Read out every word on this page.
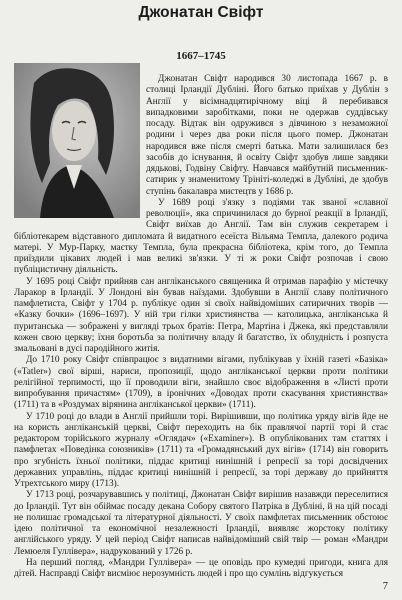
Джонатан Свіфт
1667–1745

Джонатан Свіфт народився 30 листопада 1667 р. в столиці Ірландії Дубліні. Його батько приїхав у Дублін з Англії у вісімнадцятирічному віці й перебивався випадковими заробітками, поки не одержав суддівську посаду. Відтак він одружився з дівчиною з незаможної родини і через два роки після цього помер. Джонатан народився вже після смерті батька. Мати залишилася без засобів до існування, й освіту Свіфт здобув лише завдяки дядькові, Годвіну Свіфту. Навчався майбутній письменник-сатирик у знаменитому Трініті-коледжі в Дубліні, де здобув ступінь бакалавра мистецтв у 1686 р.

У 1689 році з'язку з подіями так званої «славної революції», яка спричинилася до бурної реакції в Ірландії, Свіфт виїхав до Англії. Там він служив секретарем і бібліотекарем відставного дипломата й видатного есеїста Вільяма Темпла, далекого родича матері. У Мур-Парку, маєтку Темпла, була прекрасна бібліотека, крім того, до Темпла приїздили цікавих людей і мав великі зв'язки. У ті ж роки Свіфт розпочав і свою публіцистичну діяльність.

У 1695 році Свіфт прийняв сан англіканського священика й отримав парафію у містечку Ларакор в Ірландії. У Лондоні він бував наїздами. Здобувши в Англії славу політичного памфлетиста, Свіфт у 1704 р. публікує один зі своїх найвідоміших сатиричних творів — «Казку бочки» (1696–1697). У ній три гілки християнства — католицька, англіканська й пуританська — зображені у вигляді трьох братів: Петра, Мартіна і Джека, які представляли кожен свою церкву; їхня боротьба за політичну владу й багатство, їх облудність і розпуста змальовані в дусі пародійного житія.

До 1710 року Свіфт співпрацює з видатними вігами, публікував у їхній газеті «Базіка» («Tatler») свої вірші, нариси, пропозиції, щодо англіканської церкви проти політики релігійної терпимості, що її проводили віги, знайшло своє відображення в «Листі проти випробування причастям» (1709), в іронічних «Доводах проти скасування християнства» (1711) та в «Роздумах вірянина англіканської церкви» (1711).

У 1710 році до влади в Англії прийшли торі. Вирішивши, що політика уряду вігів йде не на користь англіканській церкві, Свіфт переходить на бік правлячої партії торі й стає редактором торійського журналу «Оглядач» («Examiner»). В опублікованих там статтях і памфлетах «Поведінка союзників» (1711) та «Громадянський дух вігів» (1714) він говорить про згубність їхньої політики, піддає критиці нинішній і репресії за торі досвідчених державних управлінь, піддає критиці нинішній і репресії, за торі державу до прийняття Утрехтського миру (1713).

У 1713 році, розчарувавшись у політиці, Джонатан Свіфт вирішив назавжди переселитися до Ірландії. Тут він обіймає посаду декана Собору святого Патріка в Дубліні, й на цій посаді не полишає громадської та літературної діяльності. У своїх памфлетах письменник обстоює ідею політичної та економічної незалежності Ірландії, виявляє жорстоку політику англійського уряду. У цей період Свіфт написав найвідоміший свій твір — роман «Мандри Лемюеля Гуллівера», надрукований у 1726 р.

На перший погляд, «Мандри Гуллівера» — це оповідь про кумедні пригоди, книга для дітей. Насправді Свіфт висміює нерозумність людей і про що сумлінь відгукується

7
